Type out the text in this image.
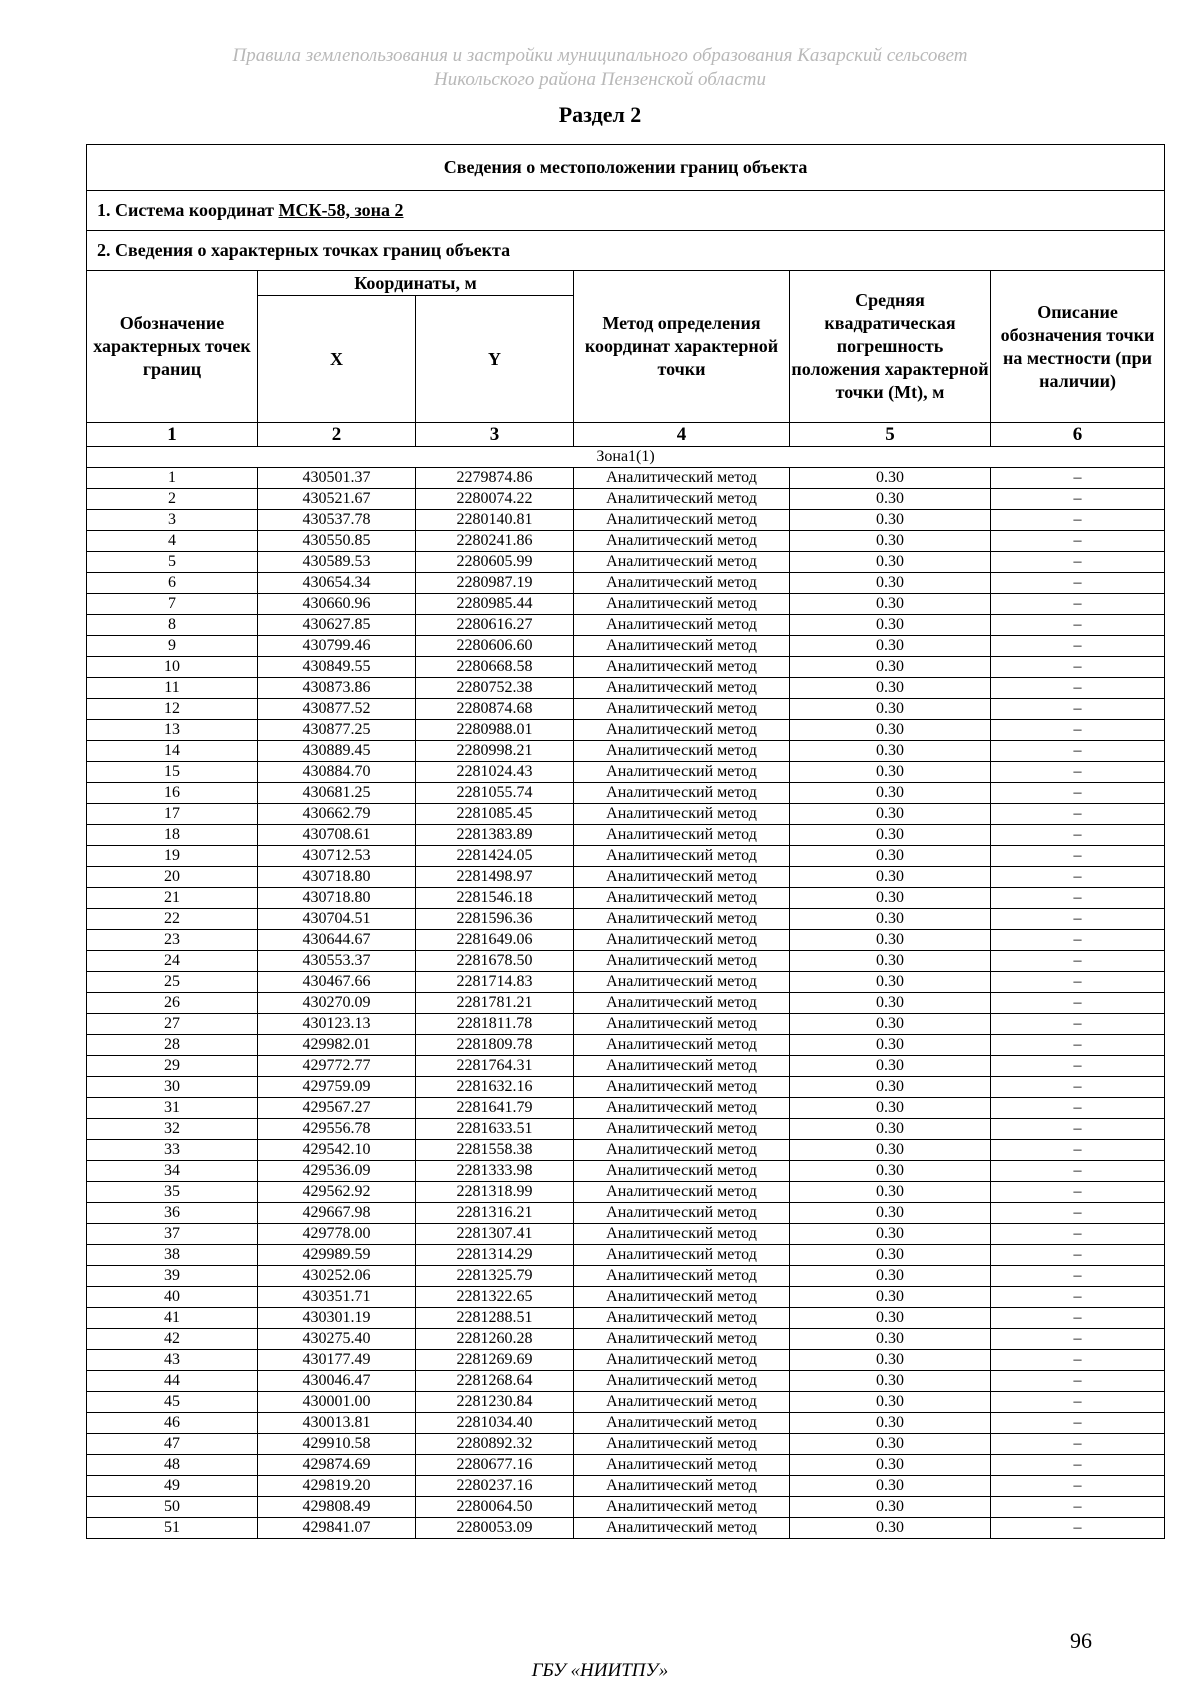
Правила землепользования и застройки муниципального образования Казарский сельсовет
Никольского района Пензенской области
Раздел 2
Сведения о местоположении границ объекта					
1. Система координат МСК-58, зона 2					
2. Сведения о характерных точках границ объекта					
Обозначение характерных точек границ	Координаты, м		Метод определения координат характерной точки	Средняя квадратическая погрешность положения характерной точки (Mt), м	Описание обозначения точки на местности (при наличии)
	X	Y			
1	2	3	4	5	6
Зона1(1)					
1	430501.37	2279874.86	Аналитический метод	0.30	–
2	430521.67	2280074.22	Аналитический метод	0.30	–
3	430537.78	2280140.81	Аналитический метод	0.30	–
4	430550.85	2280241.86	Аналитический метод	0.30	–
5	430589.53	2280605.99	Аналитический метод	0.30	–
6	430654.34	2280987.19	Аналитический метод	0.30	–
7	430660.96	2280985.44	Аналитический метод	0.30	–
8	430627.85	2280616.27	Аналитический метод	0.30	–
9	430799.46	2280606.60	Аналитический метод	0.30	–
10	430849.55	2280668.58	Аналитический метод	0.30	–
11	430873.86	2280752.38	Аналитический метод	0.30	–
12	430877.52	2280874.68	Аналитический метод	0.30	–
13	430877.25	2280988.01	Аналитический метод	0.30	–
14	430889.45	2280998.21	Аналитический метод	0.30	–
15	430884.70	2281024.43	Аналитический метод	0.30	–
16	430681.25	2281055.74	Аналитический метод	0.30	–
17	430662.79	2281085.45	Аналитический метод	0.30	–
18	430708.61	2281383.89	Аналитический метод	0.30	–
19	430712.53	2281424.05	Аналитический метод	0.30	–
20	430718.80	2281498.97	Аналитический метод	0.30	–
21	430718.80	2281546.18	Аналитический метод	0.30	–
22	430704.51	2281596.36	Аналитический метод	0.30	–
23	430644.67	2281649.06	Аналитический метод	0.30	–
24	430553.37	2281678.50	Аналитический метод	0.30	–
25	430467.66	2281714.83	Аналитический метод	0.30	–
26	430270.09	2281781.21	Аналитический метод	0.30	–
27	430123.13	2281811.78	Аналитический метод	0.30	–
28	429982.01	2281809.78	Аналитический метод	0.30	–
29	429772.77	2281764.31	Аналитический метод	0.30	–
30	429759.09	2281632.16	Аналитический метод	0.30	–
31	429567.27	2281641.79	Аналитический метод	0.30	–
32	429556.78	2281633.51	Аналитический метод	0.30	–
33	429542.10	2281558.38	Аналитический метод	0.30	–
34	429536.09	2281333.98	Аналитический метод	0.30	–
35	429562.92	2281318.99	Аналитический метод	0.30	–
36	429667.98	2281316.21	Аналитический метод	0.30	–
37	429778.00	2281307.41	Аналитический метод	0.30	–
38	429989.59	2281314.29	Аналитический метод	0.30	–
39	430252.06	2281325.79	Аналитический метод	0.30	–
40	430351.71	2281322.65	Аналитический метод	0.30	–
41	430301.19	2281288.51	Аналитический метод	0.30	–
42	430275.40	2281260.28	Аналитический метод	0.30	–
43	430177.49	2281269.69	Аналитический метод	0.30	–
44	430046.47	2281268.64	Аналитический метод	0.30	–
45	430001.00	2281230.84	Аналитический метод	0.30	–
46	430013.81	2281034.40	Аналитический метод	0.30	–
47	429910.58	2280892.32	Аналитический метод	0.30	–
48	429874.69	2280677.16	Аналитический метод	0.30	–
49	429819.20	2280237.16	Аналитический метод	0.30	–
50	429808.49	2280064.50	Аналитический метод	0.30	–
51	429841.07	2280053.09	Аналитический метод	0.30	–
96
ГБУ «НИИТПУ»
